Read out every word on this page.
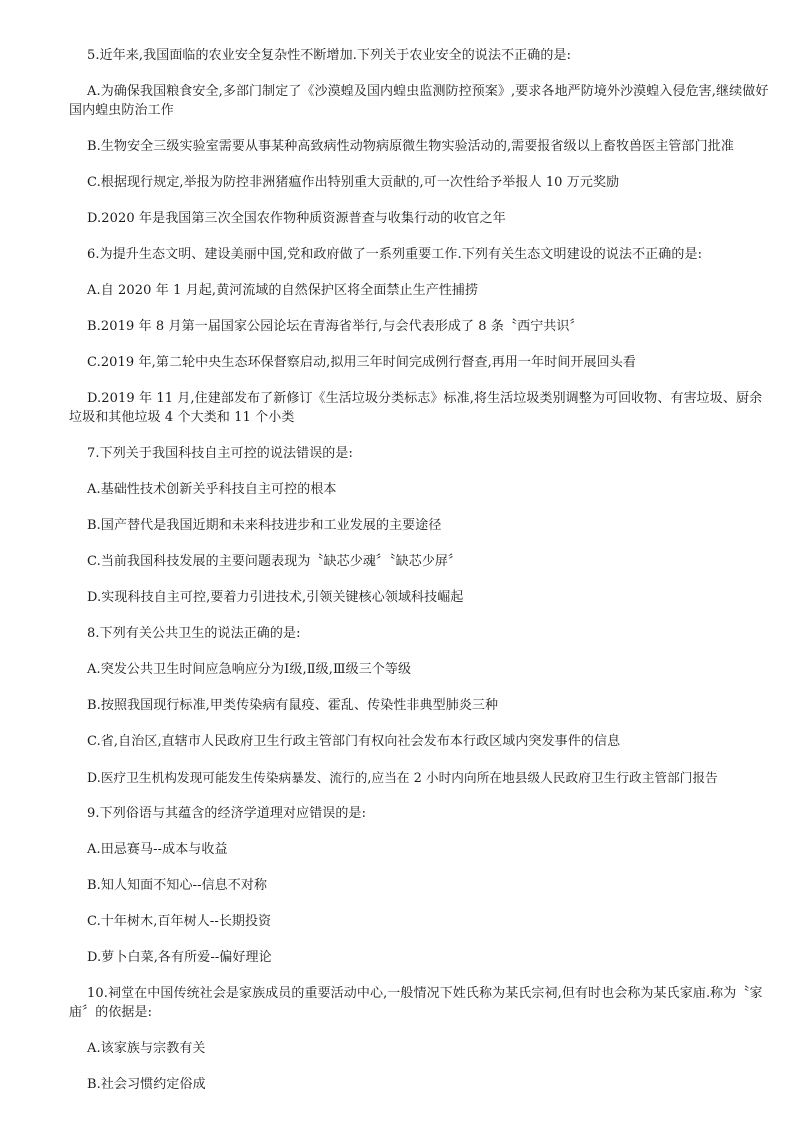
5.近年来,我国面临的农业安全复杂性不断增加.下列关于农业安全的说法不正确的是:

A.为确保我国粮食安全,多部门制定了《沙漠蝗及国内蝗虫监测防控预案》,要求各地严防境外沙漠蝗入侵危害,继续做好国内蝗虫防治工作

B.生物安全三级实验室需要从事某种高致病性动物病原微生物实验活动的,需要报省级以上畜牧兽医主管部门批准

C.根据现行规定,举报为防控非洲猪瘟作出特别重大贡献的,可一次性给予举报人 10 万元奖励

D.2020 年是我国第三次全国农作物种质资源普查与收集行动的收官之年

6.为提升生态文明、建设美丽中国,党和政府做了一系列重要工作.下列有关生态文明建设的说法不正确的是:

A.自 2020 年 1 月起,黄河流域的自然保护区将全面禁止生产性捕捞

B.2019 年 8 月第一届国家公园论坛在青海省举行,与会代表形成了 8 条〝西宁共识〞

C.2019 年,第二轮中央生态环保督察启动,拟用三年时间完成例行督查,再用一年时间开展回头看

D.2019 年 11 月,住建部发布了新修订《生活垃圾分类标志》标准,将生活垃圾类别调整为可回收物、有害垃圾、厨余垃圾和其他垃圾 4 个大类和 11 个小类

7.下列关于我国科技自主可控的说法错误的是:

A.基础性技术创新关乎科技自主可控的根本

B.国产替代是我国近期和未来科技进步和工业发展的主要途径

C.当前我国科技发展的主要问题表现为〝缺芯少魂〞〝缺芯少屏〞

D.实现科技自主可控,要着力引进技术,引领关键核心领域科技崛起

8.下列有关公共卫生的说法正确的是:

A.突发公共卫生时间应急响应分为Ⅰ级,Ⅱ级,Ⅲ级三个等级

B.按照我国现行标准,甲类传染病有鼠疫、霍乱、传染性非典型肺炎三种

C.省,自治区,直辖市人民政府卫生行政主管部门有权向社会发布本行政区域内突发事件的信息

D.医疗卫生机构发现可能发生传染病暴发、流行的,应当在 2 小时内向所在地县级人民政府卫生行政主管部门报告

9.下列俗语与其蕴含的经济学道理对应错误的是:

A.田忌赛马--成本与收益

B.知人知面不知心--信息不对称

C.十年树木,百年树人--长期投资

D.萝卜白菜,各有所爱--偏好理论

10.祠堂在中国传统社会是家族成员的重要活动中心,一般情况下姓氏称为某氏宗祠,但有时也会称为某氏家庙.称为〝家庙〞的依据是:

A.该家族与宗教有关

B.社会习惯约定俗成
